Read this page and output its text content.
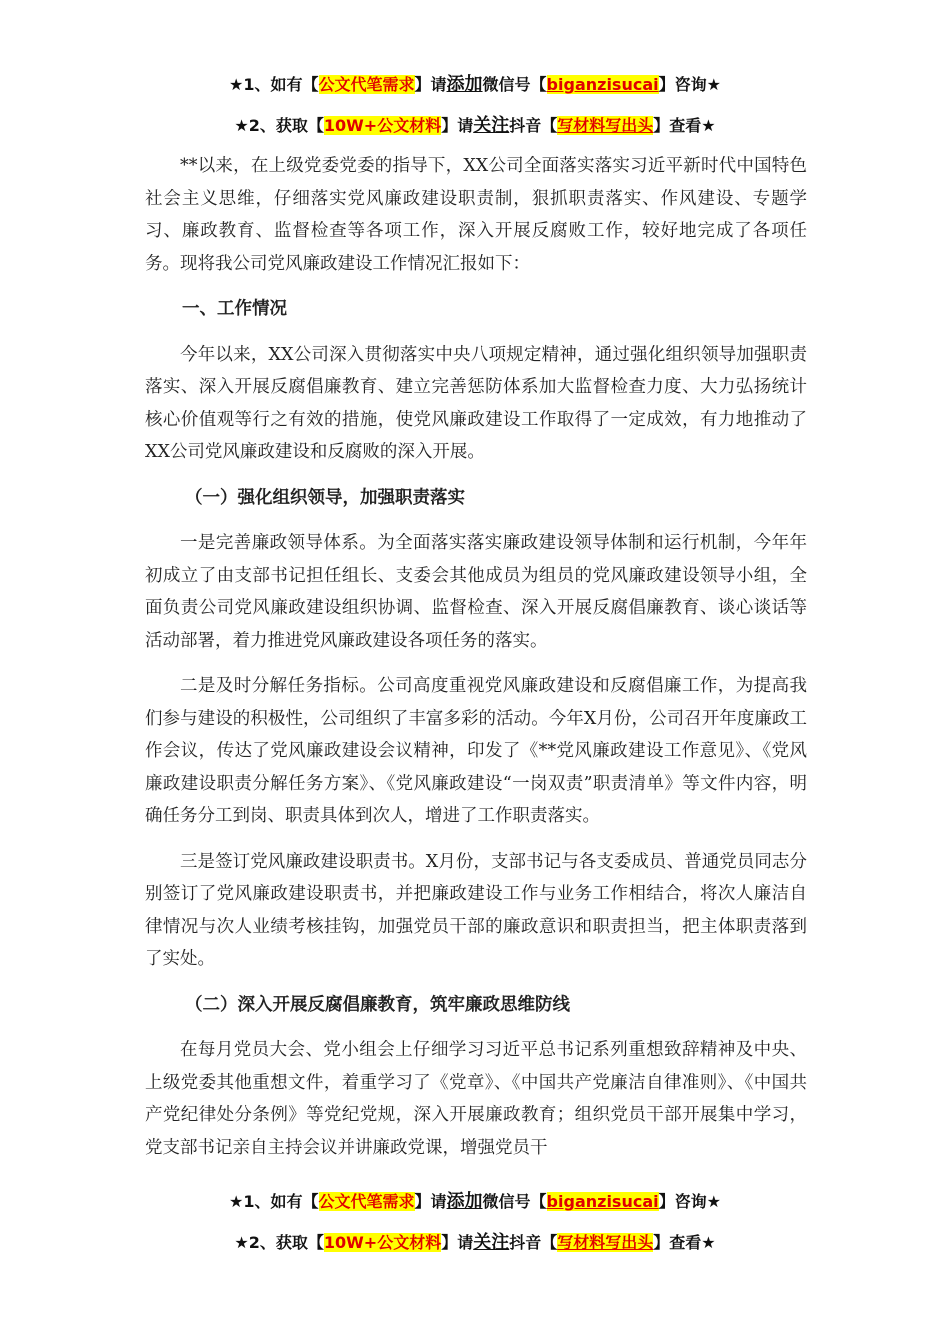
★1、如有【公文代笔需求】请添加微信号【biganzisucai】咨询★
★2、获取【10W+公文材料】请关注抖音【写材料写出头】查看★

**以来，在上级党委党委的指导下，XX公司全面落实落实习近平新时代中国特色社会主义思维，仔细落实党风廉政建设职责制，狠抓职责落实、作风建设、专题学习、廉政教育、监督检查等各项工作，深入开展反腐败工作，较好地完成了各项任务。现将我公司党风廉政建设工作情况汇报如下：

一、工作情况

今年以来，XX公司深入贯彻落实中央八项规定精神，通过强化组织领导加强职责落实、深入开展反腐倡廉教育、建立完善惩防体系加大监督检查力度、大力弘扬统计核心价值观等行之有效的措施，使党风廉政建设工作取得了一定成效，有力地推动了XX公司党风廉政建设和反腐败的深入开展。

（一）强化组织领导，加强职责落实

一是完善廉政领导体系。为全面落实落实廉政建设领导体制和运行机制，今年年初成立了由支部书记担任组长、支委会其他成员为组员的党风廉政建设领导小组，全面负责公司党风廉政建设组织协调、监督检查、深入开展反腐倡廉教育、谈心谈话等活动部署，着力推进党风廉政建设各项任务的落实。

二是及时分解任务指标。公司高度重视党风廉政建设和反腐倡廉工作，为提高我们参与建设的积极性，公司组织了丰富多彩的活动。今年X月份，公司召开年度廉政工作会议，传达了党风廉政建设会议精神，印发了《**党风廉政建设工作意见》、《党风廉政建设职责分解任务方案》、《党风廉政建设“一岗双责”职责清单》等文件内容，明确任务分工到岗、职责具体到次人，增进了工作职责落实。

三是签订党风廉政建设职责书。X月份，支部书记与各支委成员、普通党员同志分别签订了党风廉政建设职责书，并把廉政建设工作与业务工作相结合，将次人廉洁自律情况与次人业绩考核挂钩，加强党员干部的廉政意识和职责担当，把主体职责落到了实处。

（二）深入开展反腐倡廉教育，筑牢廉政思维防线

在每月党员大会、党小组会上仔细学习习近平总书记系列重想致辞精神及中央、上级党委其他重想文件，着重学习了《党章》、《中国共产党廉洁自律准则》、《中国共产党纪律处分条例》等党纪党规，深入开展廉政教育；组织党员干部开展集中学习，党支部书记亲自主持会议并讲廉政党课，增强党员干

★1、如有【公文代笔需求】请添加微信号【biganzisucai】咨询★
★2、获取【10W+公文材料】请关注抖音【写材料写出头】查看★
